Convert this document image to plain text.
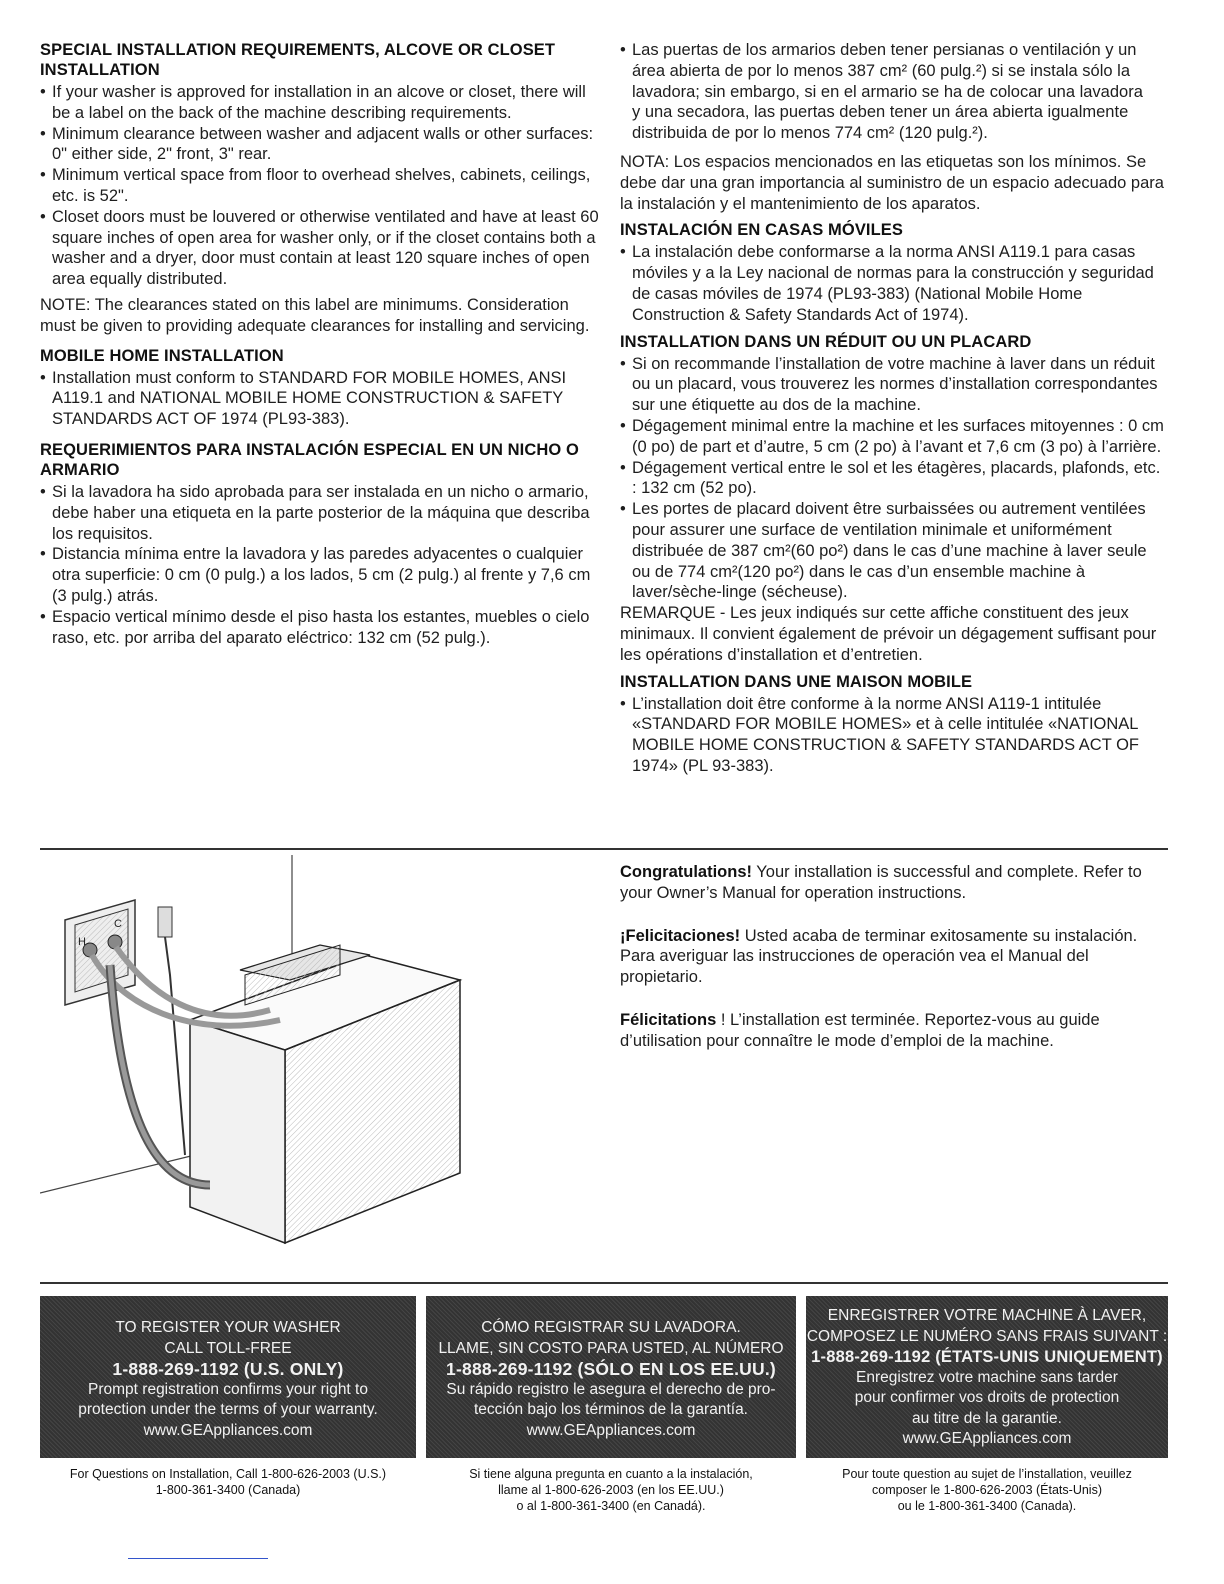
SPECIAL INSTALLATION REQUIREMENTS, ALCOVE OR CLOSET INSTALLATION
• If your washer is approved for installation in an alcove or closet, there will be a label on the back of the machine describing requirements.
• Minimum clearance between washer and adjacent walls or other surfaces: 0" either side, 2" front, 3" rear.
• Minimum vertical space from floor to overhead shelves, cabinets, ceilings, etc. is 52".
• Closet doors must be louvered or otherwise ventilated and have at least 60 square inches of open area for washer only, or if the closet contains both a washer and a dryer, door must contain at least 120 square inches of open area equally distributed.

NOTE: The clearances stated on this label are minimums. Consideration must be given to providing adequate clearances for installing and servicing.

MOBILE HOME INSTALLATION
• Installation must conform to STANDARD FOR MOBILE HOMES, ANSI A119.1 and NATIONAL MOBILE HOME CONSTRUCTION & SAFETY STANDARDS ACT OF 1974 (PL93-383).
REQUERIMIENTOS PARA INSTALACIÓN ESPECIAL EN UN NICHO O ARMARIO
• Si la lavadora ha sido aprobada para ser instalada en un nicho o armario, debe haber una etiqueta en la parte posterior de la máquina que describa los requisitos.
• Distancia mínima entre la lavadora y las paredes adyacentes o cualquier otra superficie: 0 cm (0 pulg.) a los lados, 5 cm (2 pulg.) al frente y 7,6 cm (3 pulg.) atrás.
• Espacio vertical mínimo desde el piso hasta los estantes, muebles o cielo raso, etc. por arriba del aparato eléctrico: 132 cm (52 pulg.).
• Las puertas de los armarios deben tener persianas o ventilación y un área abierta de por lo menos 387 cm² (60 pulg.²) si se instala sólo la lavadora; sin embargo, si en el armario se ha de colocar una lavadora

y una secadora, las puertas deben tener un área abierta igualmente distribuida de por lo menos 774 cm² (120 pulg.²).

NOTA: Los espacios mencionados en las etiquetas son los mínimos. Se debe dar una gran importancia al suministro de un espacio adecuado para la instalación y el mantenimiento de los aparatos.

INSTALACIÓN EN CASAS MÓVILES
• La instalación debe conformarse a la norma ANSI A119.1 para casas móviles y a la Ley nacional de normas para la construcción y seguridad de casas móviles de 1974 (PL93-383) (National Mobile Home Construction & Safety Standards Act of 1974).
INSTALLATION DANS UN RÉDUIT OU UN PLACARD
• Si on recommande l’installation de votre machine à laver dans un réduit ou un placard, vous trouverez les normes d’installation correspondantes sur une étiquette au dos de la machine.
• Dégagement minimal entre la machine et les surfaces mitoyennes : 0 cm (0 po) de part et d’autre, 5 cm (2 po) à l’avant et 7,6 cm (3 po) à l’arrière.
• Dégagement vertical entre le sol et les étagères, placards, plafonds, etc. : 132 cm (52 po).
• Les portes de placard doivent être surbaissées ou autrement ventilées pour assurer une surface de ventilation minimale et uniformément distribuée de 387 cm²(60 po²) dans le cas d’une machine à laver seule ou de 774 cm²(120 po²) dans le cas d’un ensemble machine à laver/sèche-linge (sécheuse).

REMARQUE - Les jeux indiqués sur cette affiche constituent des jeux minimaux. Il convient également de prévoir un dégagement suffisant pour les opérations d’installation et d’entretien.

INSTALLATION DANS UNE MAISON MOBILE
• L’installation doit être conforme à la norme ANSI A119-1 intitulée «STANDARD FOR MOBILE HOMES» et à celle intitulée «NATIONAL MOBILE HOME CONSTRUCTION & SAFETY STANDARDS ACT OF 1974» (PL 93-383).
H
C

Congratulations! Your installation is successful and complete. Refer to your Owner’s Manual for operation instructions.

¡Felicitaciones! Usted acaba de terminar exitosamente su instalación. Para averiguar las instrucciones de operación vea el Manual del propietario.

Félicitations ! L’installation est terminée. Reportez-vous au guide d’utilisation pour connaître le mode d’emploi de la machine.

TO REGISTER YOUR WASHER
CALL TOLL-FREE
1-888-269-1192 (U.S. ONLY)
Prompt registration confirms your right to
protection under the terms of your warranty.
www.GEAppliances.com
CÓMO REGISTRAR SU LAVADORA.
LLAME, SIN COSTO PARA USTED, AL NÚMERO
1-888-269-1192 (SÓLO EN LOS EE.UU.)
Su rápido registro le asegura el derecho de pro-
tección bajo los términos de la garantía.
www.GEAppliances.com
ENREGISTRER VOTRE MACHINE À LAVER,
COMPOSEZ LE NUMÉRO SANS FRAIS SUIVANT :
1-888-269-1192 (ÉTATS-UNIS UNIQUEMENT)
Enregistrez votre machine sans tarder
pour confirmer vos droits de protection
au titre de la garantie.
www.GEAppliances.com
For Questions on Installation, Call 1-800-626-2003 (U.S.)
1-800-361-3400 (Canada)
Si tiene alguna pregunta en cuanto a la instalación,
llame al 1-800-626-2003 (en los EE.UU.)
o al 1-800-361-3400 (en Canadá).
Pour toute question au sujet de l’installation, veuillez
composer le 1-800-626-2003 (États-Unis)
ou le 1-800-361-3400 (Canada).
